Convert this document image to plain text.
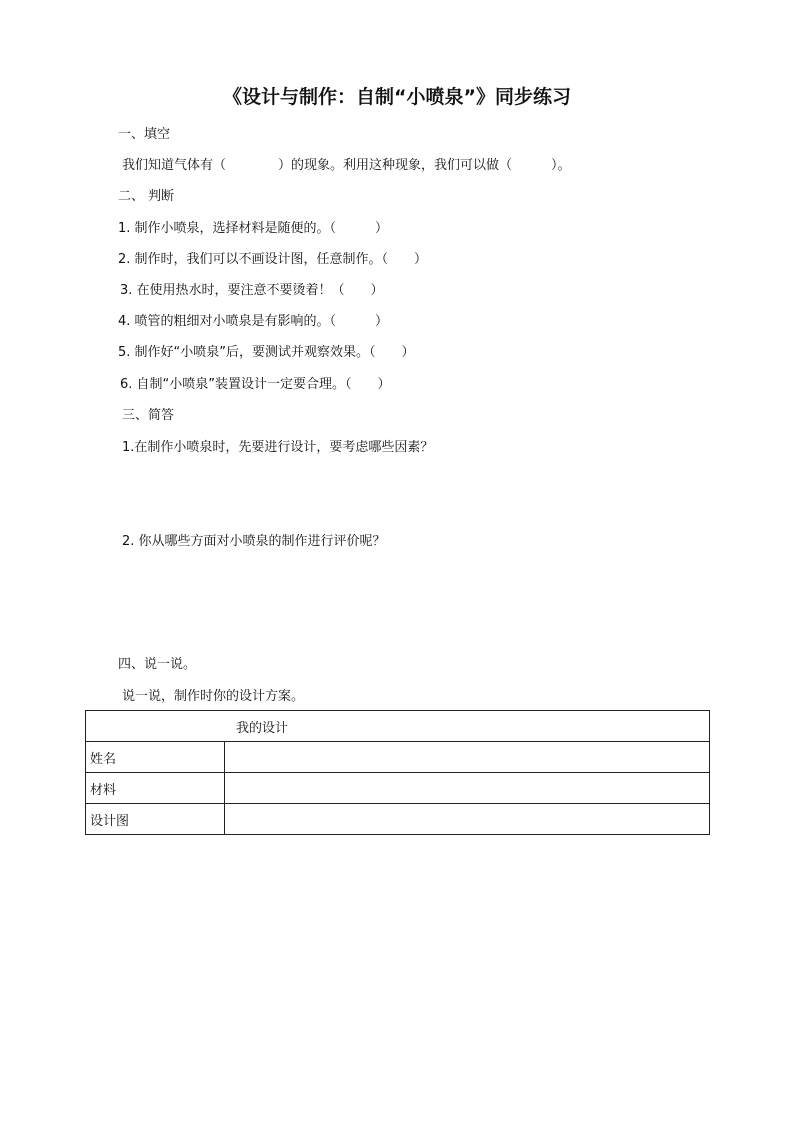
《设计与制作：自制“小喷泉”》同步练习
一、填空
我们知道气体有（　　　　）的现象。利用这种现象，我们可以做（　　　）。
二、 判断
1. 制作小喷泉，选择材料是随便的。（　　　）
2. 制作时，我们可以不画设计图，任意制作。（　　）
3. 在使用热水时，要注意不要烫着！（　　）
4. 喷管的粗细对小喷泉是有影响的。（　　　）
5. 制作好“小喷泉”后，要测试并观察效果。（　　）
6. 自制“小喷泉”装置设计一定要合理。（　　）
三、简答
1.在制作小喷泉时，先要进行设计，要考虑哪些因素？
2. 你从哪些方面对小喷泉的制作进行评价呢？
四、说一说。
说一说，制作时你的设计方案。
我的设计	
姓名	
材料	
设计图	
